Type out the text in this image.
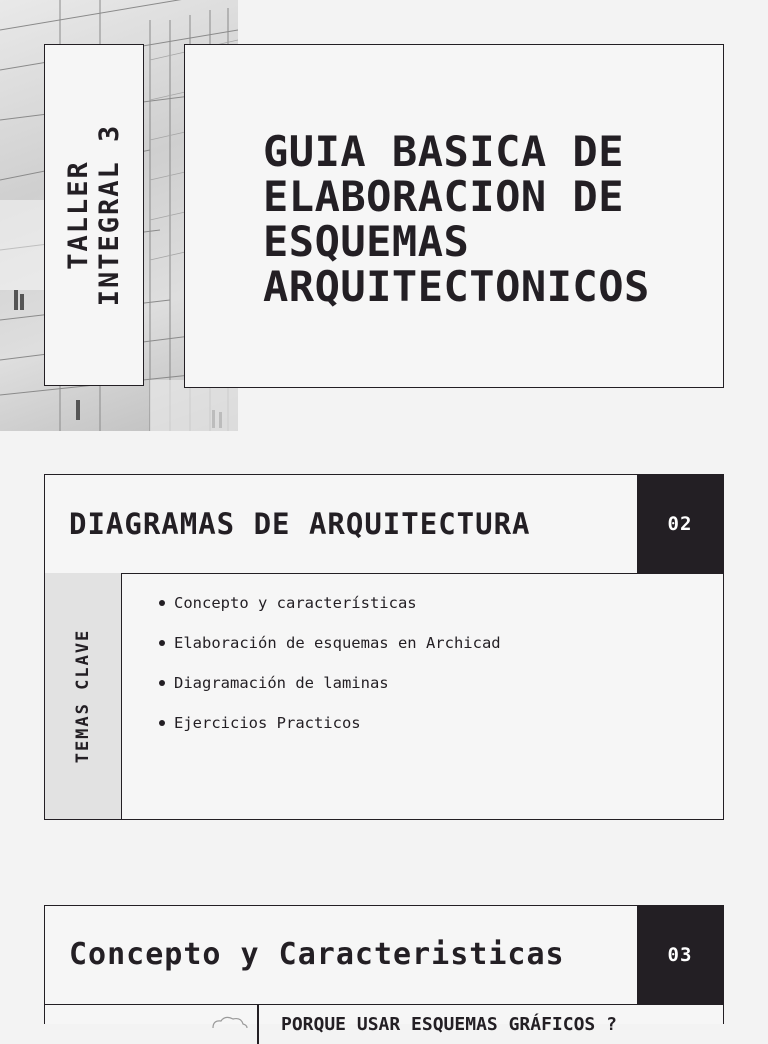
TALLER INTEGRAL 3	GUIA BASICA DE
ELABORACION DE
ESQUEMAS
ARQUITECTONICOS
DIAGRAMAS DE ARQUITECTURA	02
TEMAS CLAVE
Concepto y características
Elaboración de esquemas en Archicad
Diagramación de laminas
Ejercicios Practicos
Concepto y Caracteristicas	03
PORQUE USAR ESQUEMAS GRÁFICOS ?
